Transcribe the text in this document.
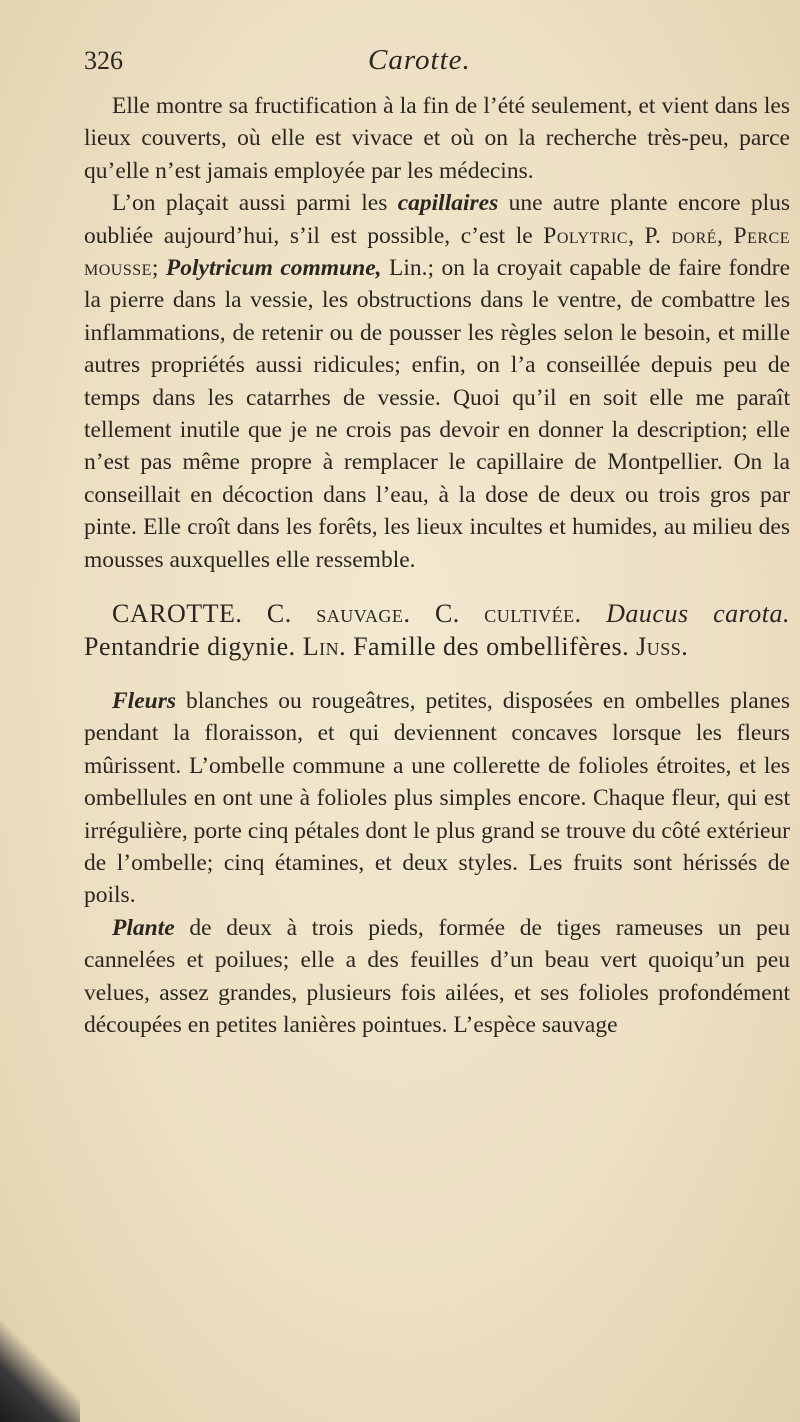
326	Carotte.

Elle montre sa fructification à la fin de l’été seulement, et vient dans les lieux couverts, où elle est vivace et où on la recherche très-peu, parce qu’elle n’est jamais employée par les médecins.

L’on plaçait aussi parmi les capillaires une autre plante encore plus oubliée aujourd’hui, s’il est possible, c’est le Polytric, P. doré, Perce mousse; Polytricum commune, Lin.; on la croyait capable de faire fondre la pierre dans la vessie, les obstructions dans le ventre, de combattre les inflammations, de retenir ou de pousser les règles selon le besoin, et mille autres propriétés aussi ridicules; enfin, on l’a conseillée depuis peu de temps dans les catarrhes de vessie. Quoi qu’il en soit elle me paraît tellement inutile que je ne crois pas devoir en donner la description; elle n’est pas même propre à remplacer le capillaire de Montpellier. On la conseillait en décoction dans l’eau, à la dose de deux ou trois gros par pinte. Elle croît dans les forêts, les lieux incultes et humides, au milieu des mousses auxquelles elle ressemble.

CAROTTE. C. sauvage. C. cultivée. Daucus carota. Pentandrie digynie. Lin. Famille des ombellifères. Juss.

Fleurs blanches ou rougeâtres, petites, disposées en ombelles planes pendant la floraisson, et qui deviennent concaves lorsque les fleurs mûrissent. L’ombelle commune a une collerette de folioles étroites, et les ombellules en ont une à folioles plus simples encore. Chaque fleur, qui est irrégulière, porte cinq pétales dont le plus grand se trouve du côté extérieur de l’ombelle; cinq étamines, et deux styles. Les fruits sont hérissés de poils.

Plante de deux à trois pieds, formée de tiges rameuses un peu cannelées et poilues; elle a des feuilles d’un beau vert quoiqu’un peu velues, assez grandes, plusieurs fois ailées, et ses folioles profondément découpées en petites lanières pointues. L’espèce sauvage
